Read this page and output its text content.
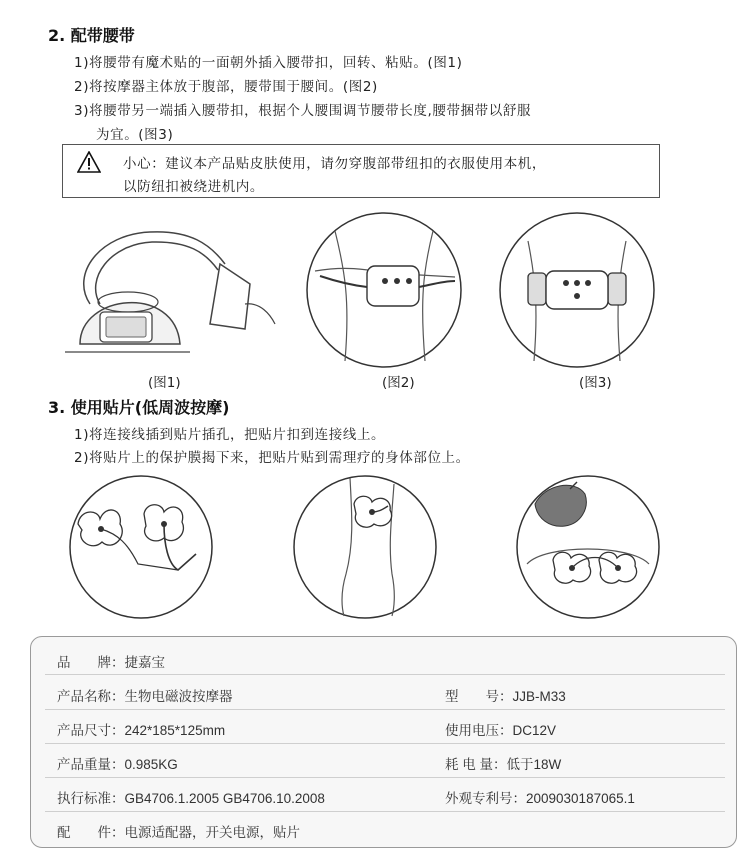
2. 配带腰带
1)将腰带有魔术贴的一面朝外插入腰带扣，回转、粘贴。(图1)
2)将按摩器主体放于腹部，腰带围于腰间。(图2)
3)将腰带另一端插入腰带扣，根据个人腰围调节腰带长度,腰带捆带以舒服
为宜。(图3)
小心：建议本产品贴皮肤使用，请勿穿腹部带纽扣的衣服使用本机，
以防纽扣被绕进机内。
(图1)	(图2)	(图3)
3. 使用贴片(低周波按摩)
1)将连接线插到贴片插孔，把贴片扣到连接线上。
2)将贴片上的保护膜揭下来，把贴片贴到需理疗的身体部位上。
品　　牌：捷嘉宝
产品名称：生物电磁波按摩器	型　　号：JJB-M33
产品尺寸：242*185*125mm	使用电压：DC12V
产品重量：0.985KG	耗 电 量：低于18W
执行标准：GB4706.1.2005 GB4706.10.2008	外观专利号：2009030187065.1
配　　件：电源适配器，开关电源，贴片
